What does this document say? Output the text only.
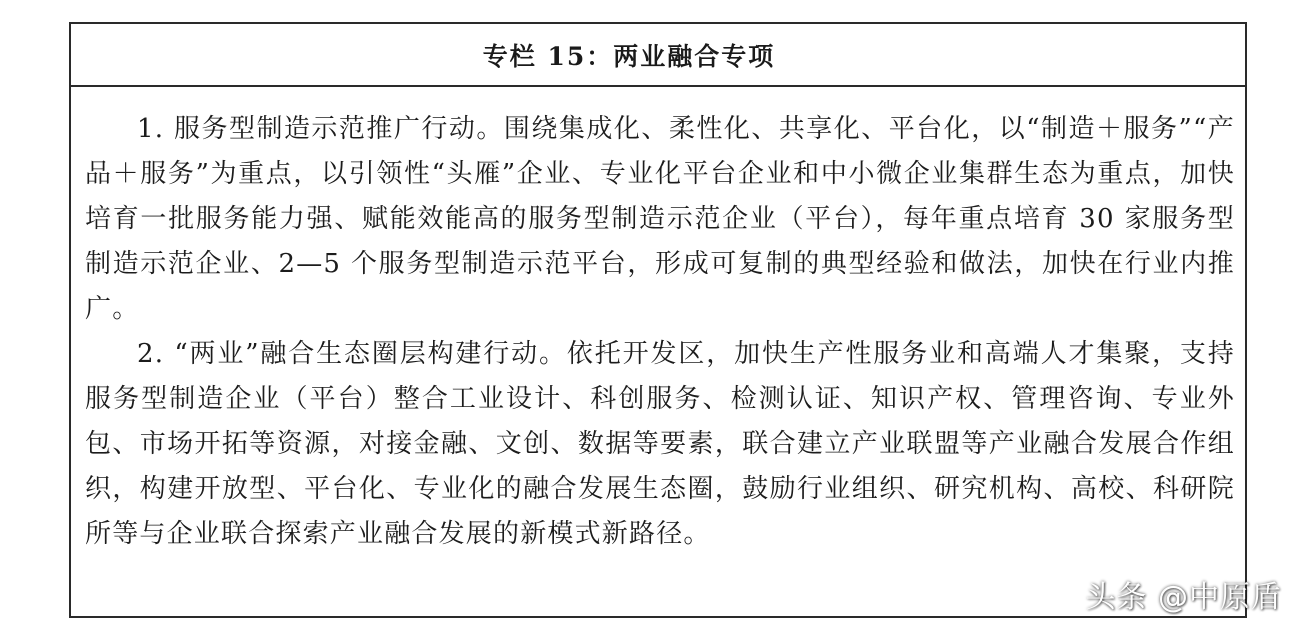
专栏 15：两业融合专项

1. 服务型制造示范推广行动。围绕集成化、柔性化、共享化、平台化，以“制造＋服务”“产品＋服务”为重点，以引领性“头雁”企业、专业化平台企业和中小微企业集群生态为重点，加快培育一批服务能力强、赋能效能高的服务型制造示范企业（平台），每年重点培育 30 家服务型制造示范企业、2—5 个服务型制造示范平台，形成可复制的典型经验和做法，加快在行业内推广。

2. “两业”融合生态圈层构建行动。依托开发区，加快生产性服务业和高端人才集聚，支持服务型制造企业（平台）整合工业设计、科创服务、检测认证、知识产权、管理咨询、专业外包、市场开拓等资源，对接金融、文创、数据等要素，联合建立产业联盟等产业融合发展合作组织，构建开放型、平台化、专业化的融合发展生态圈，鼓励行业组织、研究机构、高校、科研院所等与企业联合探索产业融合发展的新模式新路径。

头条 @中原盾
